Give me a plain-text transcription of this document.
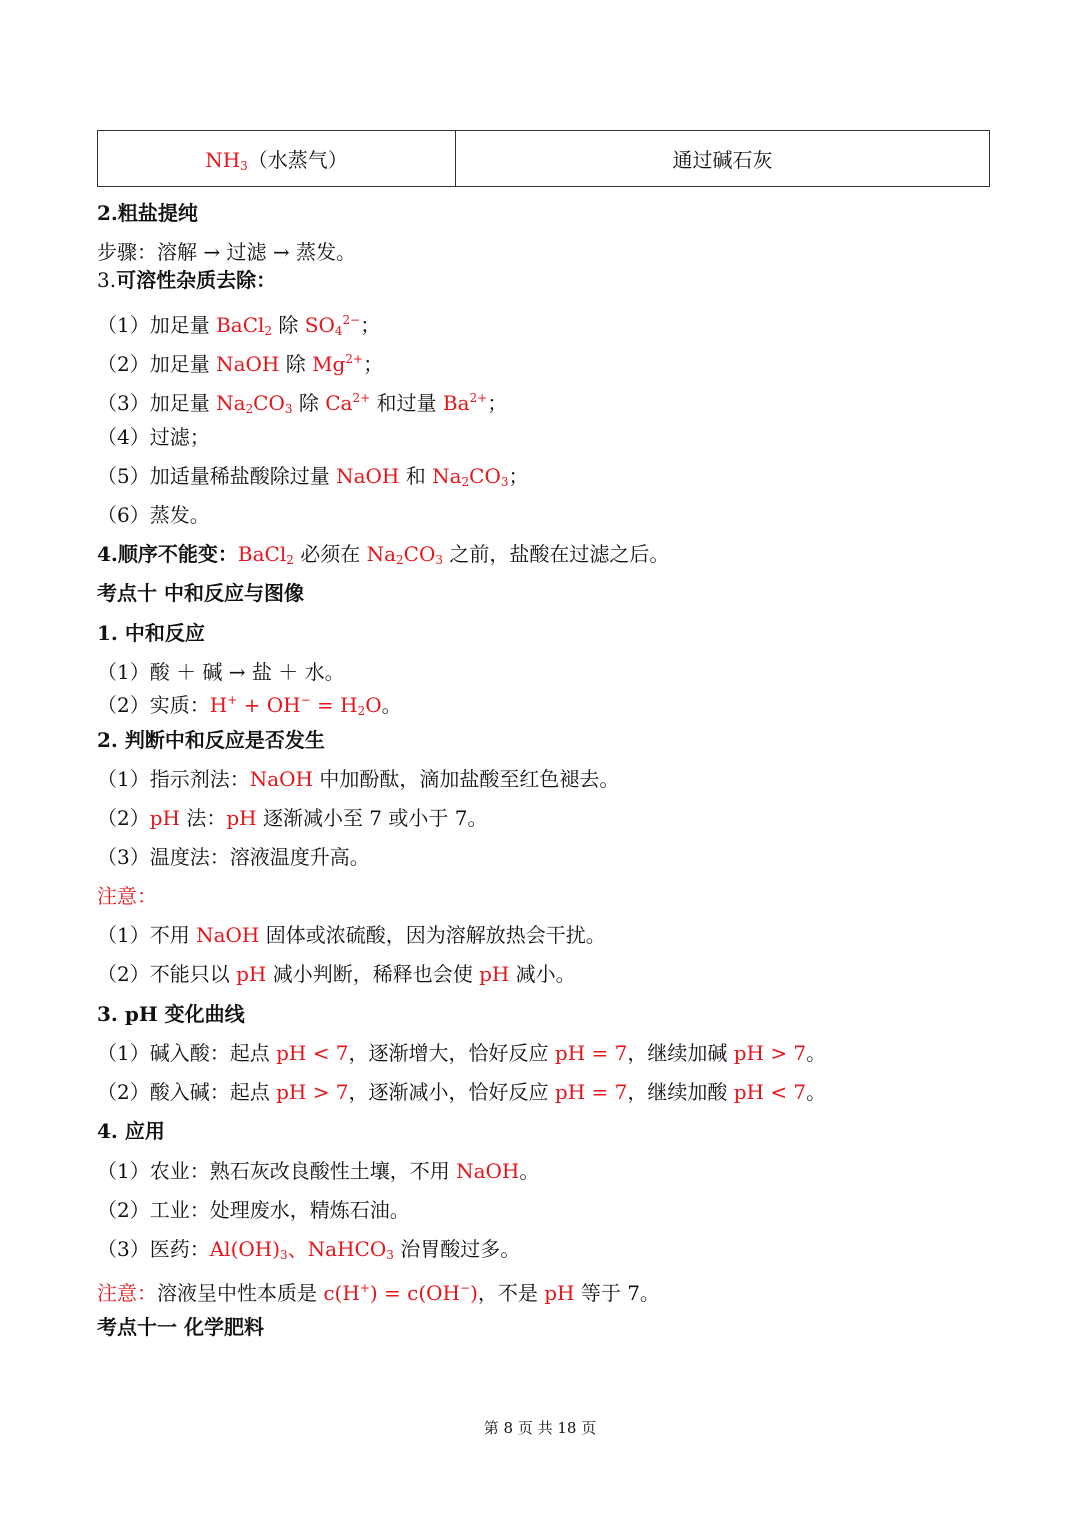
$NH_3$（水蒸气）	通过碱石灰
2.粗盐提纯
步骤：溶解 → 过滤 → 蒸发。
3.可溶性杂质去除：
（1）加足量 BaCl$_2$ 除 $SO_4^{2-}$；
（2）加足量 NaOH 除 $Mg^{2+}$；
（3）加足量 $Na_2CO_3$ 除 $Ca^{2+}$ 和过量 $Ba^{2+}$；
（4）过滤；
（5）加适量稀盐酸除过量 NaOH 和 $Na_2CO_3$；
（6）蒸发。
4.顺序不能变：BaCl$_2$ 必须在 $Na_2CO_3$ 之前，盐酸在过滤之后。
考点十 中和反应与图像
1. 中和反应
（1）酸 ＋ 碱 → 盐 ＋ 水。
（2）实质：$H^+ + OH^- = H_2O$。
2. 判断中和反应是否发生
（1）指示剂法：NaOH 中加酚酞，滴加盐酸至红色褪去。
（2）pH 法：pH 逐渐减小至 7 或小于 7。
（3）温度法：溶液温度升高。
注意：
（1）不用 NaOH 固体或浓硫酸，因为溶解放热会干扰。
（2）不能只以 pH 减小判断，稀释也会使 pH 减小。
3. pH 变化曲线
（1）碱入酸：起点 pH < 7，逐渐增大，恰好反应 pH = 7，继续加碱 pH > 7。
（2）酸入碱：起点 pH > 7，逐渐减小，恰好反应 pH = 7，继续加酸 pH < 7。
4. 应用
（1）农业：熟石灰改良酸性土壤，不用 NaOH。
（2）工业：处理废水，精炼石油。
（3）医药：$Al(OH)_3$、NaHCO$_3$ 治胃酸过多。
注意：溶液呈中性本质是 c(H+) = c(OH−)，不是 pH 等于 7。
考点十一 化学肥料
第 8 页 共 18 页
